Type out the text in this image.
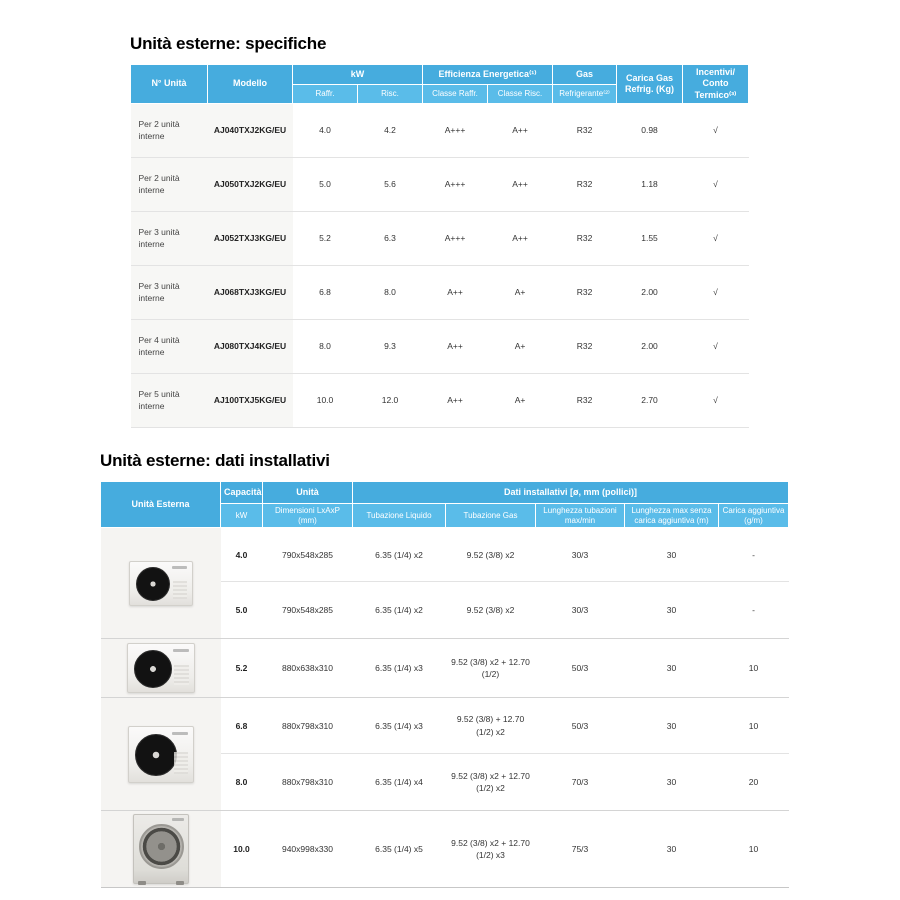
Unità esterne: specifiche
N° Unità	Modello	kW		Efficienza Energetica⁽¹⁾		Gas	Carica Gas Refrig. (Kg)	Incentivi/ Conto Termico⁽³⁾
		Raffr.	Risc.	Classe Raffr.	Classe Risc.	Refrigerante⁽²⁾		
Per 2 unità interne	AJ040TXJ2KG/EU	4.0	4.2	A+++	A++	R32	0.98	√
Per 2 unità interne	AJ050TXJ2KG/EU	5.0	5.6	A+++	A++	R32	1.18	√
Per 3 unità interne	AJ052TXJ3KG/EU	5.2	6.3	A+++	A++	R32	1.55	√
Per 3 unità interne	AJ068TXJ3KG/EU	6.8	8.0	A++	A+	R32	2.00	√
Per 4 unità interne	AJ080TXJ4KG/EU	8.0	9.3	A++	A+	R32	2.00	√
Per 5 unità interne	AJ100TXJ5KG/EU	10.0	12.0	A++	A+	R32	2.70	√
Unità esterne: dati installativi
Unità Esterna	Capacità	Unità	Dati installativi [ø, mm (pollici)]				
	kW	Dimensioni LxAxP (mm)	Tubazione Liquido	Tubazione Gas	Lunghezza tubazioni max/min	Lunghezza max senza carica aggiuntiva (m)	Carica aggiuntiva (g/m)

	4.0	790x548x285	6.35 (1/4) x2	9.52 (3/8) x2	30/3	30	-
	5.0	790x548x285	6.35 (1/4) x2	9.52 (3/8) x2	30/3	30	-

	5.2	880x638x310	6.35 (1/4) x3	9.52 (3/8) x2 + 12.70 (1/2)	50/3	30	10

	6.8	880x798x310	6.35 (1/4) x3	9.52 (3/8) + 12.70 (1/2) x2	50/3	30	10
	8.0	880x798x310	6.35 (1/4) x4	9.52 (3/8) x2 + 12.70 (1/2) x2	70/3	30	20

	10.0	940x998x330	6.35 (1/4) x5	9.52 (3/8) x2 + 12.70 (1/2) x3	75/3	30	10
